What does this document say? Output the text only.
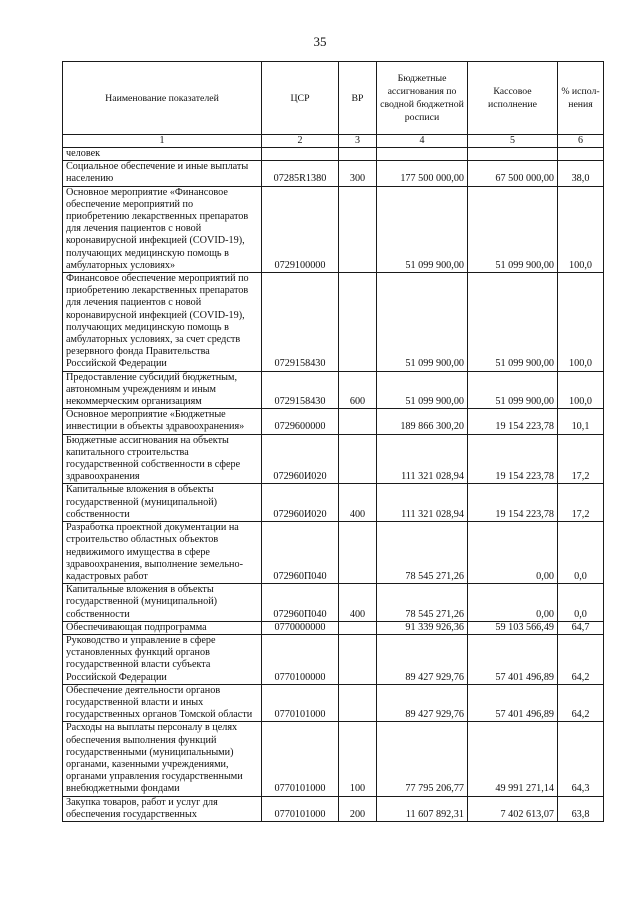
35
Наименование показателей	ЦСР	ВР	Бюджетные ассигнования по сводной бюджетной росписи	Кассовое исполнение	% испол-нения
1	2	3	4	5	6
человек					
Социальное обеспечение и иные выплаты населению	07285R1380	300	177 500 000,00	67 500 000,00	38,0
Основное мероприятие «Финансовое обеспечение мероприятий по приобретению лекарственных препаратов для лечения пациентов с новой коронавирусной инфекцией (COVID-19), получающих медицинскую помощь в амбулаторных условиях»	0729100000		51 099 900,00	51 099 900,00	100,0
Финансовое обеспечение мероприятий по приобретению лекарственных препаратов для лечения пациентов с новой коронавирусной инфекцией (COVID-19), получающих медицинскую помощь в амбулаторных условиях, за счет средств резервного фонда Правительства Российской Федерации	0729158430		51 099 900,00	51 099 900,00	100,0
Предоставление субсидий бюджетным, автономным учреждениям и иным некоммерческим организациям	0729158430	600	51 099 900,00	51 099 900,00	100,0
Основное мероприятие «Бюджетные инвестиции в объекты здравоохранения»	0729600000		189 866 300,20	19 154 223,78	10,1
Бюджетные ассигнования на объекты капитального строительства государственной собственности в сфере здравоохранения	072960И020		111 321 028,94	19 154 223,78	17,2
Капитальные вложения в объекты государственной (муниципальной) собственности	072960И020	400	111 321 028,94	19 154 223,78	17,2
Разработка проектной документации на строительство областных объектов недвижимого имущества в сфере здравоохранения, выполнение земельно-кадастровых работ	072960П040		78 545 271,26	0,00	0,0
Капитальные вложения в объекты государственной (муниципальной) собственности	072960П040	400	78 545 271,26	0,00	0,0
Обеспечивающая подпрограмма	0770000000		91 339 926,36	59 103 566,49	64,7
Руководство и управление в сфере установленных функций органов государственной власти субъекта Российской Федерации	0770100000		89 427 929,76	57 401 496,89	64,2
Обеспечение деятельности органов государственной власти и иных государственных органов Томской области	0770101000		89 427 929,76	57 401 496,89	64,2
Расходы на выплаты персоналу в целях обеспечения выполнения функций государственными (муниципальными) органами, казенными учреждениями, органами управления государственными внебюджетными фондами	0770101000	100	77 795 206,77	49 991 271,14	64,3
Закупка товаров, работ и услуг для обеспечения государственных	0770101000	200	11 607 892,31	7 402 613,07	63,8
